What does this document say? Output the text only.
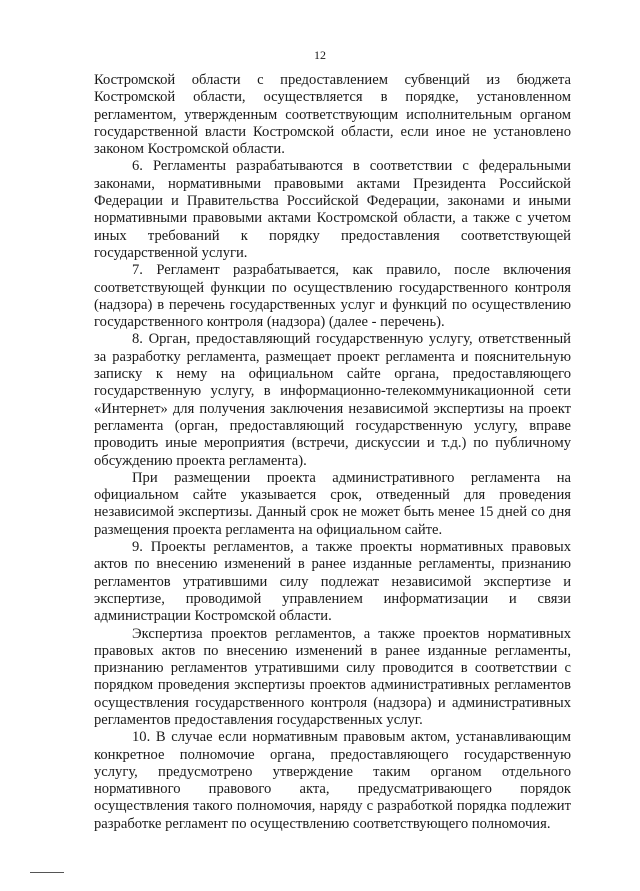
12

Костромской области с предоставлением субвенций из бюджета Костромской области, осуществляется в порядке, установленном регламентом, утвержденным соответствующим исполнительным органом государственной власти Костромской области, если иное не установлено законом Костромской области.

6. Регламенты разрабатываются в соответствии с федеральными законами, нормативными правовыми актами Президента Российской Федерации и Правительства Российской Федерации, законами и иными нормативными правовыми актами Костромской области, а также с учетом иных требований к порядку предоставления соответствующей государственной услуги.

7. Регламент разрабатывается, как правило, после включения соответствующей функции по осуществлению государственного контроля (надзора) в перечень государственных услуг и функций по осуществлению государственного контроля (надзора) (далее - перечень).

8. Орган, предоставляющий государственную услугу, ответственный за разработку регламента, размещает проект регламента и пояснительную записку к нему на официальном сайте органа, предоставляющего государственную услугу, в информационно-телекоммуникационной сети «Интернет» для получения заключения независимой экспертизы на проект регламента (орган, предоставляющий государственную услугу, вправе проводить иные мероприятия (встречи, дискуссии и т.д.) по публичному обсуждению проекта регламента).

При размещении проекта административного регламента на официальном сайте указывается срок, отведенный для проведения независимой экспертизы. Данный срок не может быть менее 15 дней со дня размещения проекта регламента на официальном сайте.

9. Проекты регламентов, а также проекты нормативных правовых актов по внесению изменений в ранее изданные регламенты, признанию регламентов утратившими силу подлежат независимой экспертизе и экспертизе, проводимой управлением информатизации и связи администрации Костромской области.

Экспертиза проектов регламентов, а также проектов нормативных правовых актов по внесению изменений в ранее изданные регламенты, признанию регламентов утратившими силу проводится в соответствии с порядком проведения экспертизы проектов административных регламентов осуществления государственного контроля (надзора) и административных регламентов предоставления государственных услуг.

10. В случае если нормативным правовым актом, устанавливающим конкретное полномочие органа, предоставляющего государственную услугу, предусмотрено утверждение таким органом отдельного нормативного правового акта, предусматривающего порядок осуществления такого полномочия, наряду с разработкой порядка подлежит разработке регламент по осуществлению соответствующего полномочия.
